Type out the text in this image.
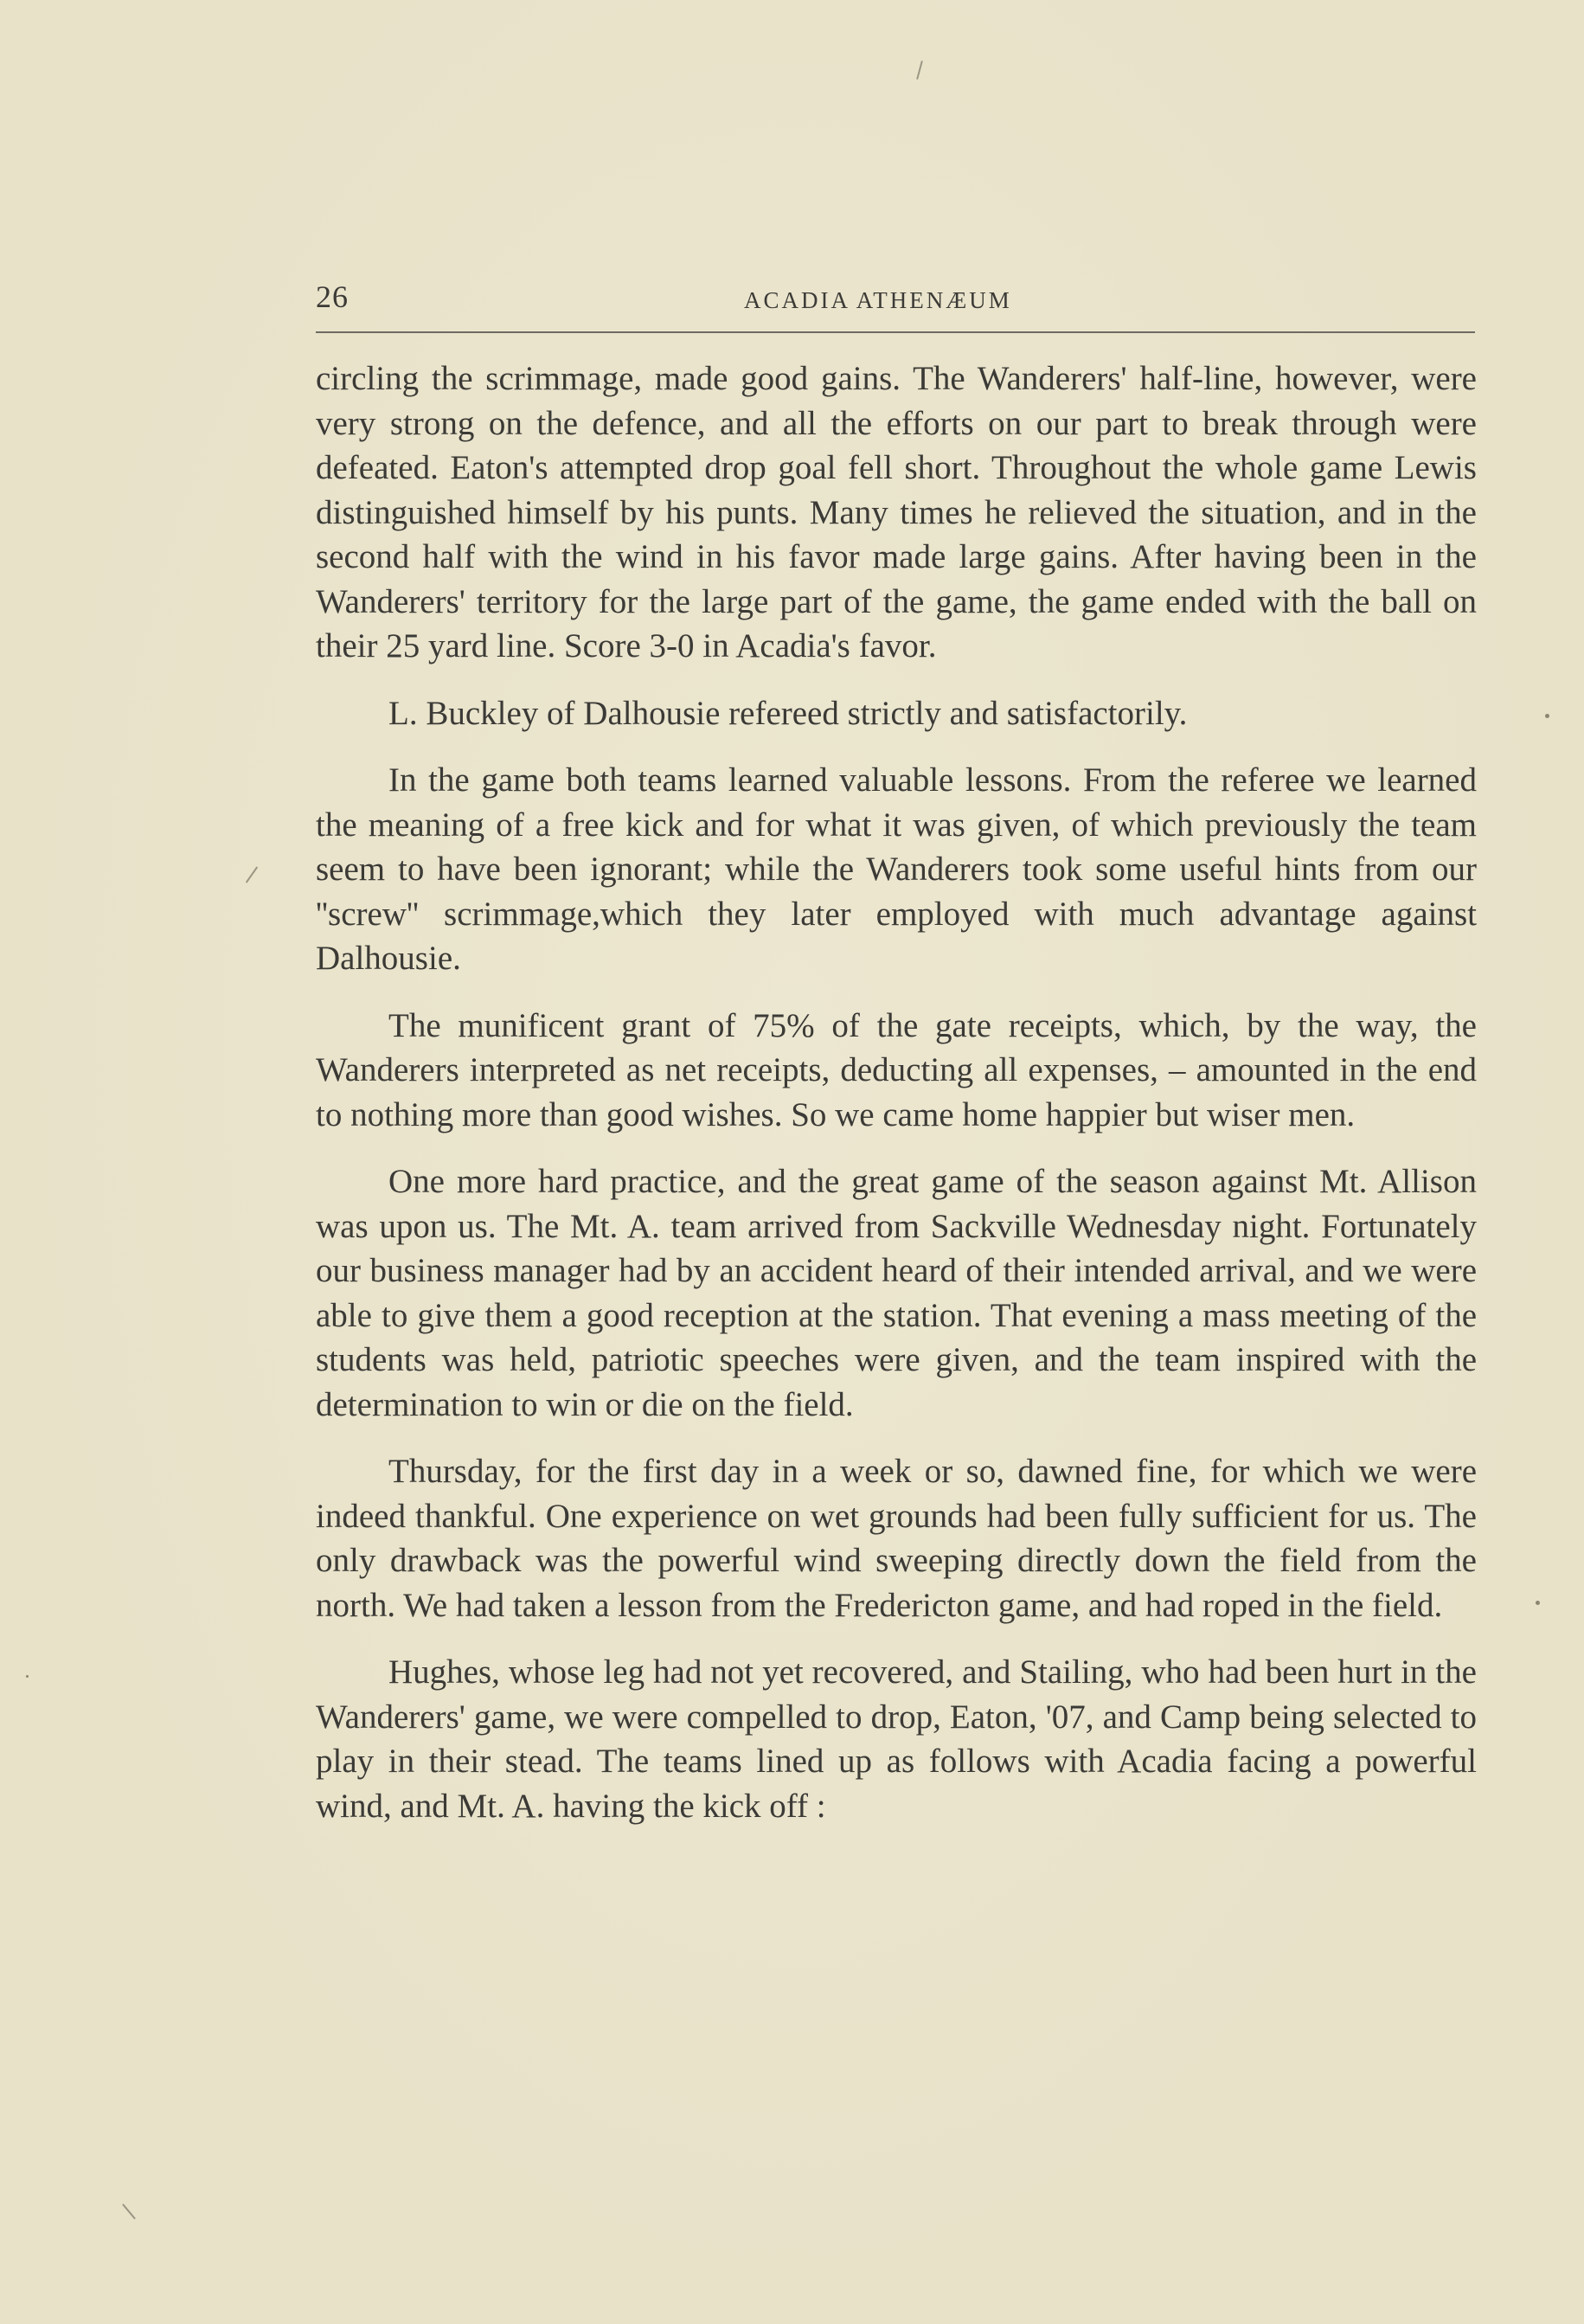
26	ACADIA ATHENÆUM

circling the scrimmage, made good gains. The Wanderers' half-line, however, were very strong on the defence, and all the efforts on our part to break through were defeated. Eaton's attempted drop goal fell short. Throughout the whole game Lewis distinguished himself by his punts. Many times he relieved the situation, and in the second half with the wind in his favor made large gains. After having been in the Wanderers' territory for the large part of the game, the game ended with the ball on their 25 yard line. Score 3-0 in Acadia's favor.

L. Buckley of Dalhousie refereed strictly and satisfactorily.

In the game both teams learned valuable lessons. From the referee we learned the meaning of a free kick and for what it was given, of which previously the team seem to have been ignorant; while the Wanderers took some useful hints from our ''screw'' scrimmage,which they later employed with much advantage against Dalhousie.

The munificent grant of 75% of the gate receipts, which, by the way, the Wanderers interpreted as net receipts, deducting all expenses, – amounted in the end to nothing more than good wishes. So we came home happier but wiser men.

One more hard practice, and the great game of the season against Mt. Allison was upon us. The Mt. A. team arrived from Sackville Wednesday night. Fortunately our business manager had by an accident heard of their intended arrival, and we were able to give them a good reception at the station. That evening a mass meeting of the students was held, patriotic speeches were given, and the team inspired with the determination to win or die on the field.

Thursday, for the first day in a week or so, dawned fine, for which we were indeed thankful. One experience on wet grounds had been fully sufficient for us. The only drawback was the powerful wind sweeping directly down the field from the north. We had taken a lesson from the Fredericton game, and had roped in the field.

Hughes, whose leg had not yet recovered, and Stailing, who had been hurt in the Wanderers' game, we were compelled to drop, Eaton, '07, and Camp being selected to play in their stead. The teams lined up as follows with Acadia facing a powerful wind, and Mt. A. having the kick off :
